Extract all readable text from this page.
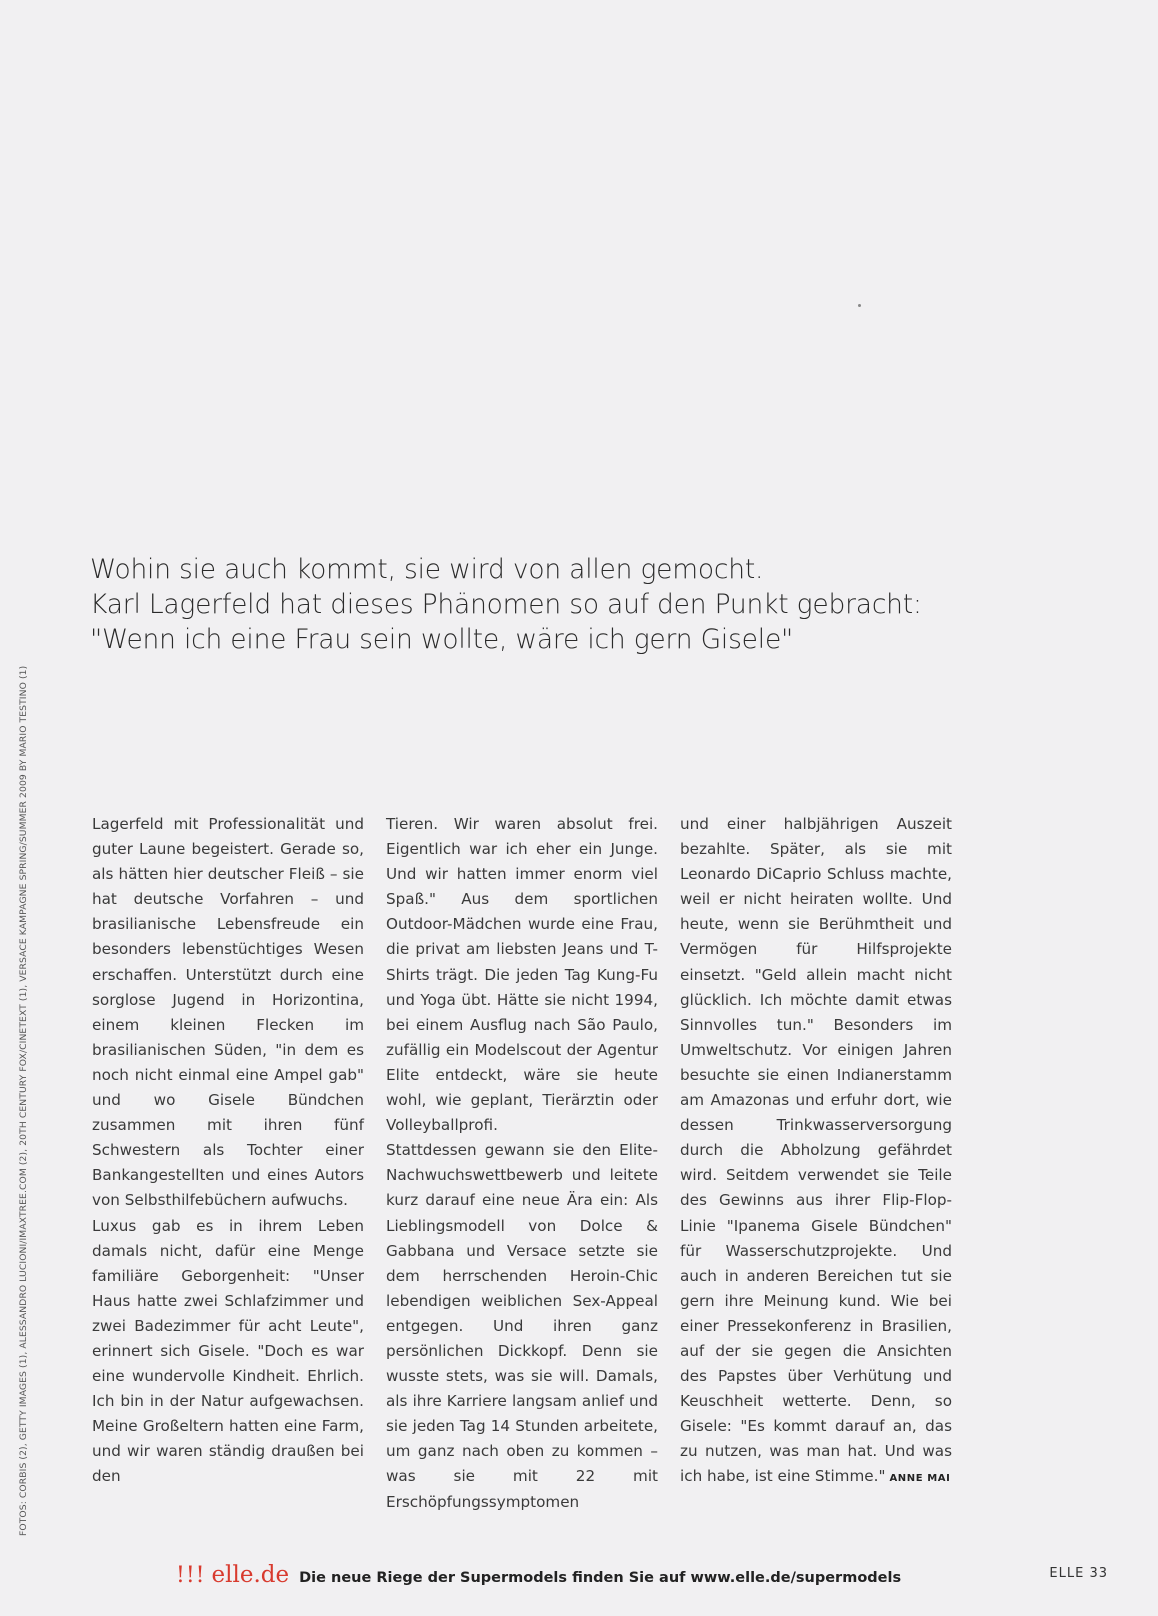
Wohin sie auch kommt, sie wird von allen gemocht.
Karl Lagerfeld hat dieses Phänomen so auf den Punkt gebracht:
"Wenn ich eine Frau sein wollte, wäre ich gern Gisele"
FOTOS: CORBIS (2), GETTY IMAGES (1), ALESSANDRO LUCIONI/IMAXTREE.COM (2), 20TH CENTURY FOX/CINETEXT (1), VERSACE KAMPAGNE SPRING/SUMMER 2009 BY MARIO TESTINO (1)	Lagerfeld mit Professionalität und guter Laune begeistert. Gerade so, als hätten hier deutscher Fleiß – sie hat deutsche Vorfahren – und brasilianische Lebensfreude ein besonders lebenstüchtiges Wesen erschaffen. Unterstützt durch eine sorglose Jugend in Horizontina, einem kleinen Flecken im brasilianischen Süden, "in dem es noch nicht einmal eine Ampel gab" und wo Gisele Bündchen zusammen mit ihren fünf Schwestern als Tochter einer Bankangestellten und eines Autors von Selbsthilfebüchern aufwuchs.

Luxus gab es in ihrem Leben damals nicht, dafür eine Menge familiäre Geborgenheit: "Unser Haus hatte zwei Schlafzimmer und zwei Badezimmer für acht Leute", erinnert sich Gisele. "Doch es war eine wundervolle Kindheit. Ehrlich. Ich bin in der Natur aufgewachsen. Meine Großeltern hatten eine Farm, und wir waren ständig draußen bei den

Tieren. Wir waren absolut frei. Eigentlich war ich eher ein Junge. Und wir hatten immer enorm viel Spaß." Aus dem sportlichen Outdoor-Mädchen wurde eine Frau, die privat am liebsten Jeans und T-Shirts trägt. Die jeden Tag Kung-Fu und Yoga übt. Hätte sie nicht 1994, bei einem Ausflug nach São Paulo, zufällig ein Modelscout der Agentur Elite entdeckt, wäre sie heute wohl, wie geplant, Tierärztin oder Volleyballprofi.

Stattdessen gewann sie den Elite-Nachwuchswettbewerb und leitete kurz darauf eine neue Ära ein: Als Lieblingsmodell von Dolce & Gabbana und Versace setzte sie dem herrschenden Heroin-Chic lebendigen weiblichen Sex-Appeal entgegen. Und ihren ganz persönlichen Dickkopf. Denn sie wusste stets, was sie will. Damals, als ihre Karriere langsam anlief und sie jeden Tag 14 Stunden arbeitete, um ganz nach oben zu kommen – was sie mit 22 mit Erschöpfungssymptomen

und einer halbjährigen Auszeit bezahlte. Später, als sie mit Leonardo DiCaprio Schluss machte, weil er nicht heiraten wollte. Und heute, wenn sie Berühmtheit und Vermögen für Hilfsprojekte einsetzt. "Geld allein macht nicht glücklich. Ich möchte damit etwas Sinnvolles tun." Besonders im Umweltschutz. Vor einigen Jahren besuchte sie einen Indianerstamm am Amazonas und erfuhr dort, wie dessen Trinkwasserversorgung durch die Abholzung gefährdet wird. Seitdem verwendet sie Teile des Gewinns aus ihrer Flip-Flop-Linie "Ipanema Gisele Bündchen" für Wasserschutzprojekte. Und auch in anderen Bereichen tut sie gern ihre Meinung kund. Wie bei einer Pressekonferenz in Brasilien, auf der sie gegen die Ansichten des Papstes über Verhütung und Keuschheit wetterte. Denn, so Gisele: "Es kommt darauf an, das zu nutzen, was man hat. Und was ich habe, ist eine Stimme." ANNE MAI

!!! elle.de Die neue Riege der Supermodels finden Sie auf www.elle.de/supermodels	ELLE 33
